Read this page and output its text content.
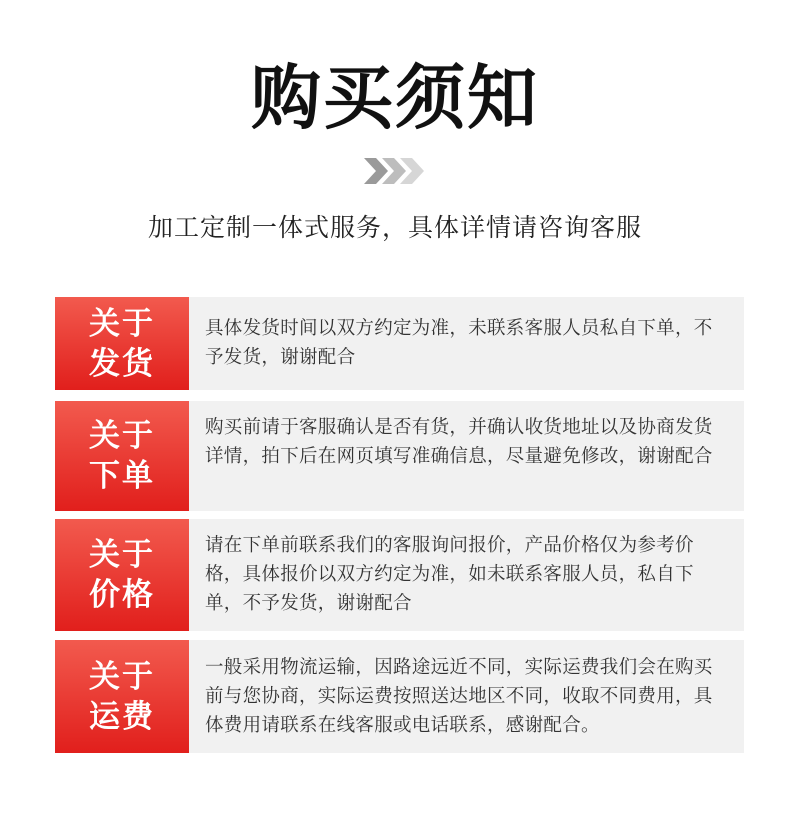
购买须知
加工定制一体式服务，具体详情请咨询客服
关于
发货
具体发货时间以双方约定为准，未联系客服人员私自下单，不予发货，谢谢配合
关于
下单
购买前请于客服确认是否有货，并确认收货地址以及协商发货详情，拍下后在网页填写准确信息，尽量避免修改，谢谢配合
关于
价格
请在下单前联系我们的客服询问报价，产品价格仅为参考价格，具体报价以双方约定为准，如未联系客服人员，私自下单，不予发货，谢谢配合
关于
运费
一般采用物流运输，因路途远近不同，实际运费我们会在购买前与您协商，实际运费按照送达地区不同，收取不同费用，具体费用请联系在线客服或电话联系，感谢配合。
